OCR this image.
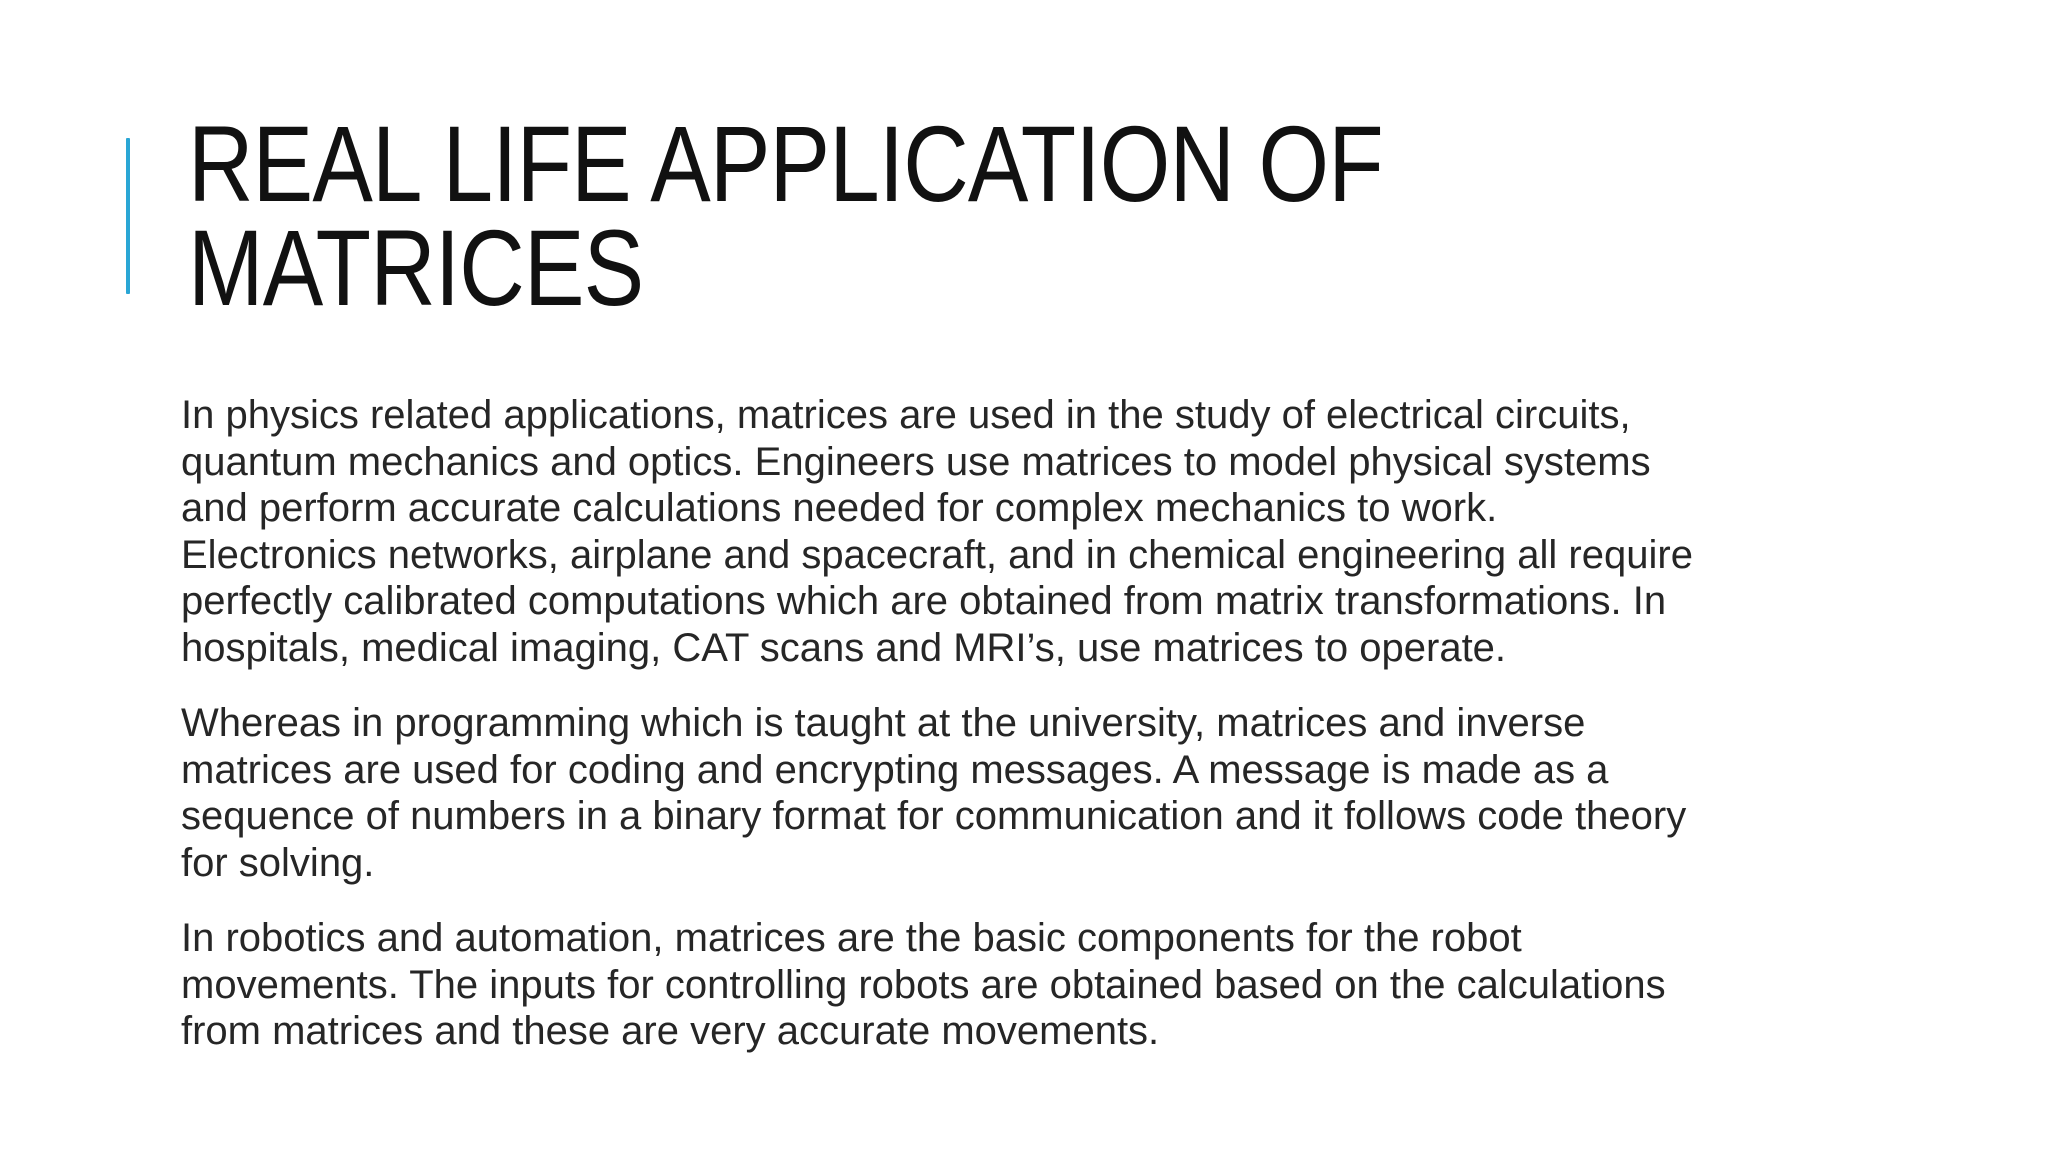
REAL LIFE APPLICATION OF
MATRICES

In physics related applications, matrices are used in the study of electrical circuits,
quantum mechanics and optics. Engineers use matrices to model physical systems
and perform accurate calculations needed for complex mechanics to work.
Electronics networks, airplane and spacecraft, and in chemical engineering all require
perfectly calibrated computations which are obtained from matrix transformations. In
hospitals, medical imaging, CAT scans and MRI’s, use matrices to operate.

Whereas in programming which is taught at the university, matrices and inverse
matrices are used for coding and encrypting messages. A message is made as a
sequence of numbers in a binary format for communication and it follows code theory
for solving.

In robotics and automation, matrices are the basic components for the robot
movements. The inputs for controlling robots are obtained based on the calculations
from matrices and these are very accurate movements.
